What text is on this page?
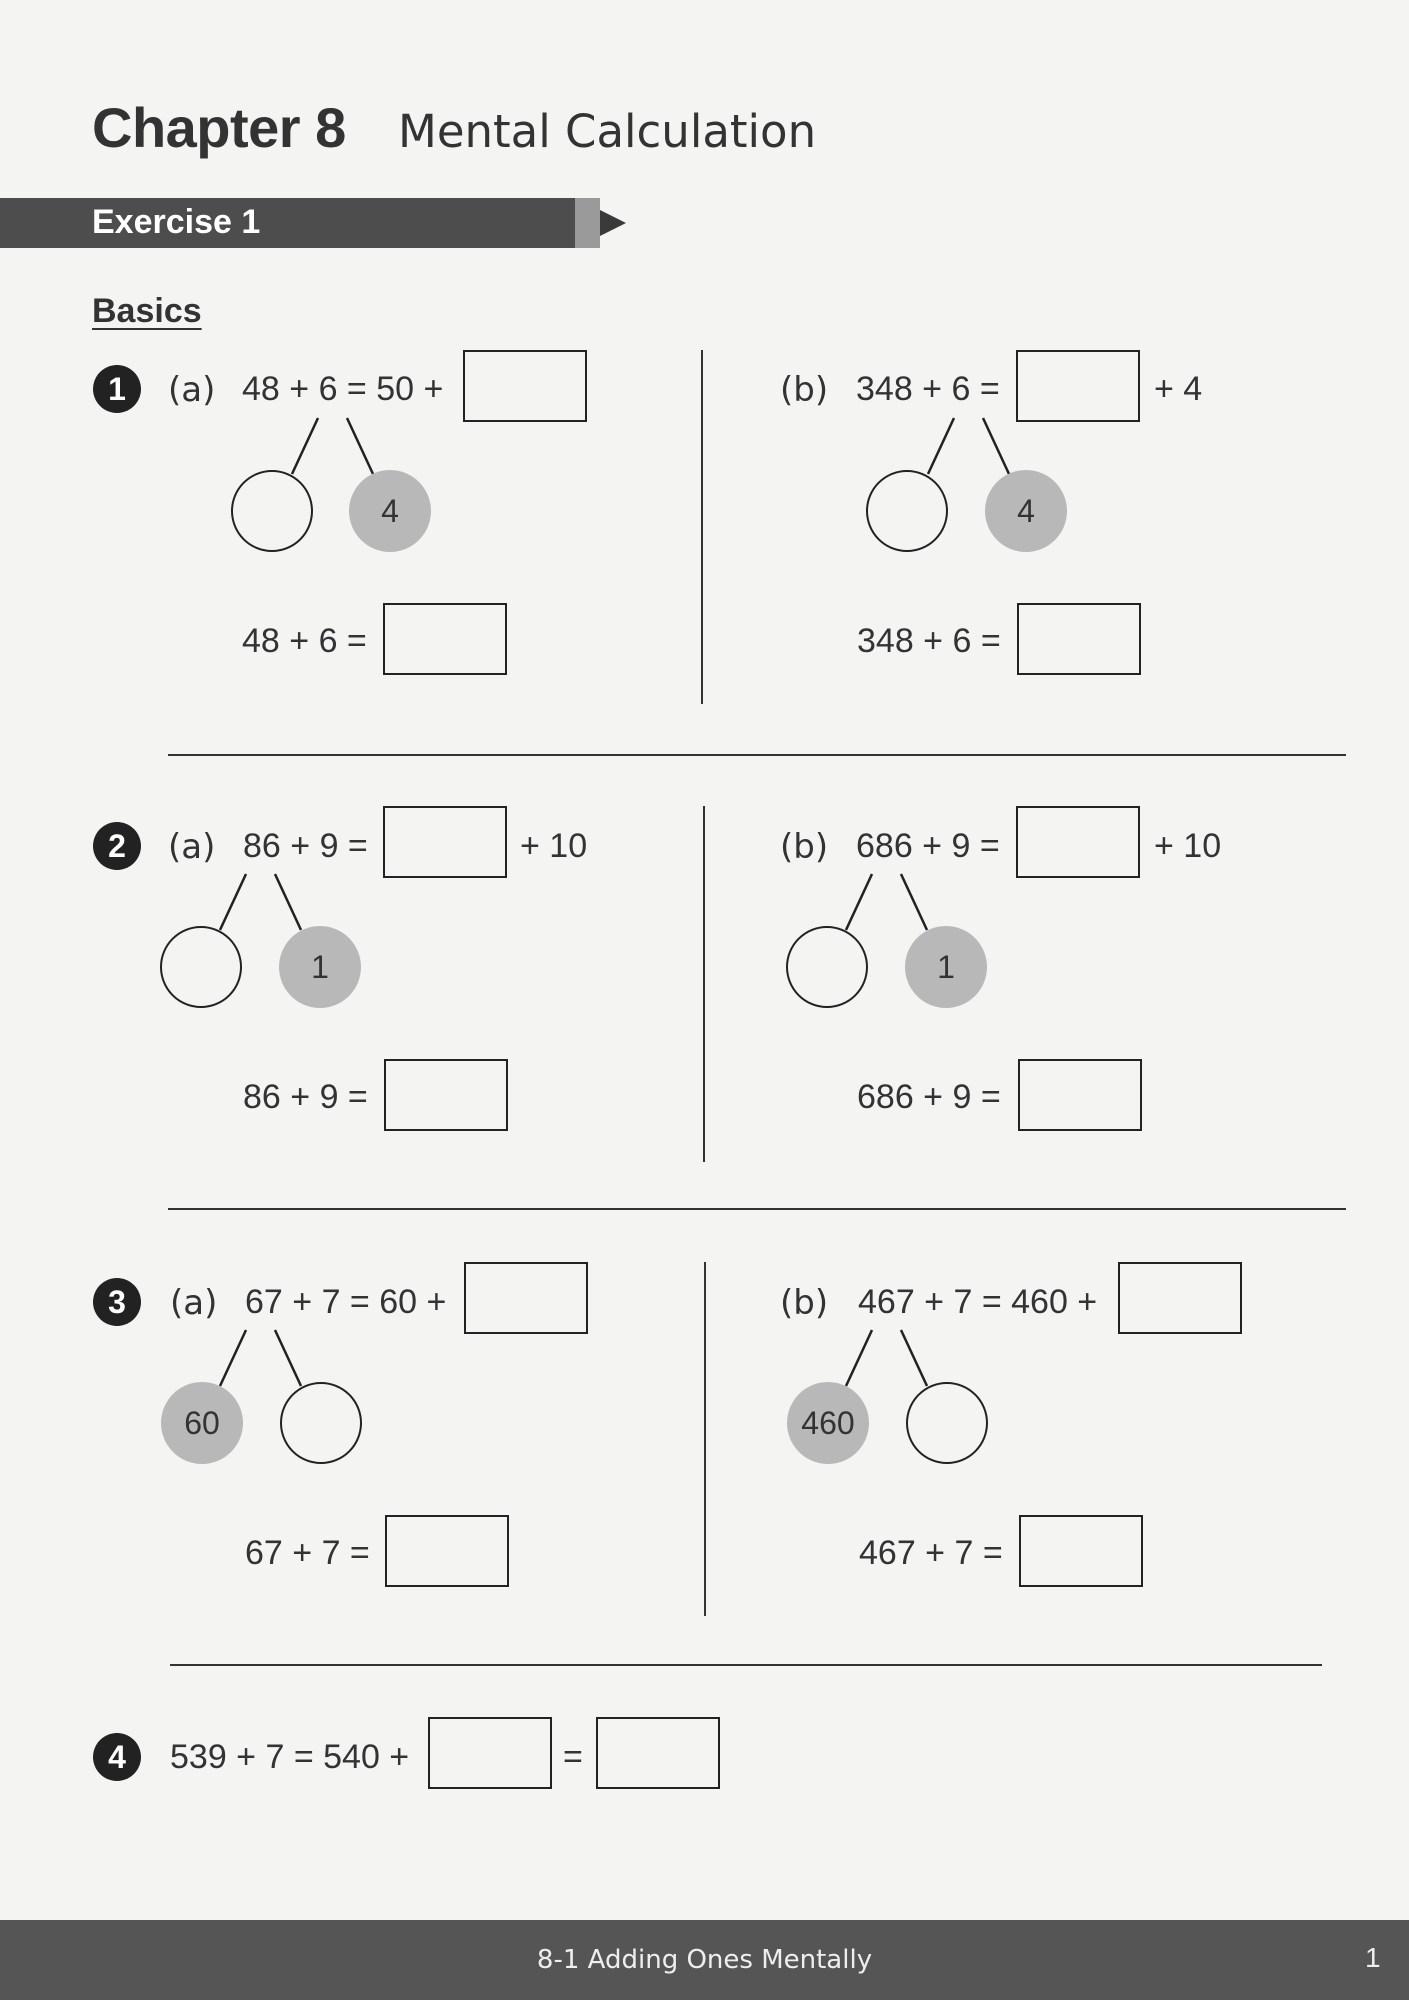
Chapter 8 Mental Calculation
Exercise 1
Basics
1	(a) 48 + 6 = 50 +
4
48 + 6 =
(b) 348 + 6 =	+ 4
4
348 + 6 =
2	(a) 86 + 9 =	+ 10
1
86 + 9 =
(b) 686 + 9 =	+ 10
1
686 + 9 =
3	(a) 67 + 7 = 60 +
60
67 + 7 =
(b) 467 + 7 = 460 +
460
467 + 7 =
4	539 + 7 = 540 +	=
8-1 Adding Ones Mentally	1
